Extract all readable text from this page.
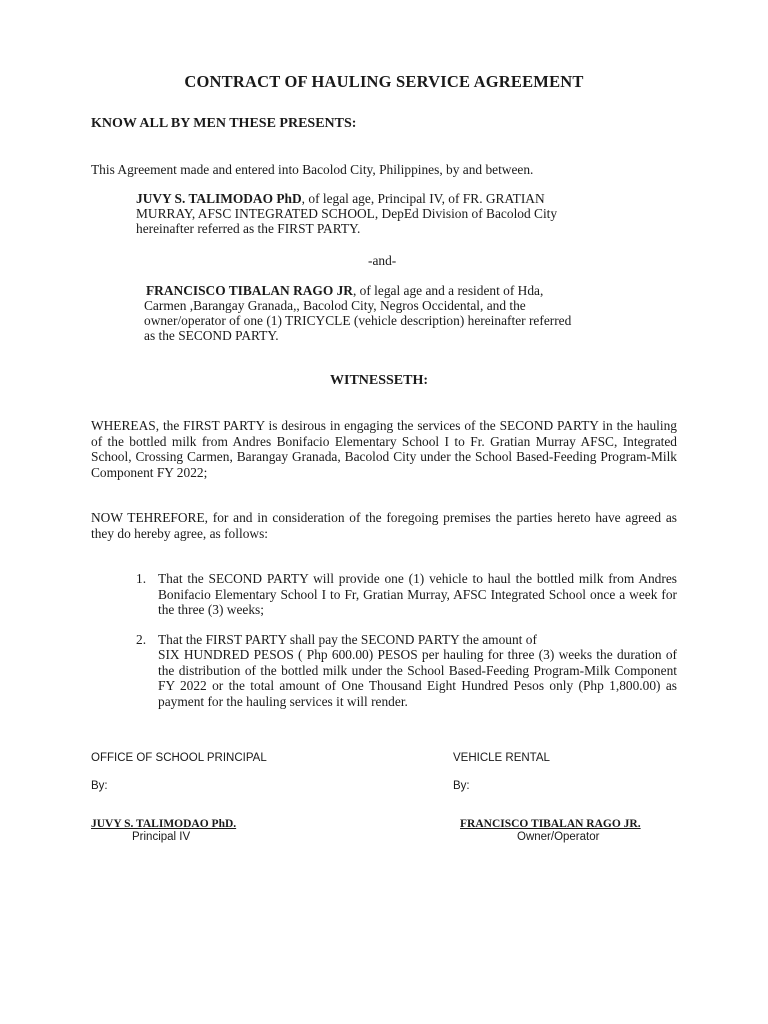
CONTRACT OF HAULING SERVICE AGREEMENT
KNOW ALL BY MEN THESE PRESENTS:
This Agreement made and entered into Bacolod City, Philippines, by and between.
JUVY S. TALIMODAO PhD, of legal age, Principal IV, of FR. GRATIAN
MURRAY, AFSC INTEGRATED SCHOOL, DepEd Division of Bacolod City
hereinafter referred as the FIRST PARTY.
-and-
FRANCISCO TIBALAN RAGO JR, of legal age and a resident of Hda,
Carmen ,Barangay Granada,, Bacolod City, Negros Occidental, and the
owner/operator of one (1) TRICYCLE (vehicle description) hereinafter referred
as the SECOND PARTY.
WITNESSETH:
WHEREAS, the FIRST PARTY is desirous in engaging the services of the SECOND PARTY in the hauling of the bottled milk from Andres Bonifacio Elementary School I to Fr. Gratian Murray AFSC, Integrated School, Crossing Carmen, Barangay Granada, Bacolod City under the School Based-Feeding Program-Milk Component FY 2022;
NOW TEHREFORE, for and in consideration of the foregoing premises the parties hereto have agreed as they do hereby agree, as follows:
1. That the SECOND PARTY will provide one (1) vehicle to haul the bottled milk from Andres Bonifacio Elementary School I to Fr, Gratian Murray, AFSC Integrated School once a week for the three (3) weeks;
2. That the FIRST PARTY shall pay the SECOND PARTY the amount of
SIX HUNDRED PESOS ( Php 600.00) PESOS per hauling for three (3) weeks the duration of the distribution of the bottled milk under the School Based-Feeding Program-Milk Component FY 2022 or the total amount of One Thousand Eight Hundred Pesos only (Php 1,800.00) as payment for the hauling services it will render.
OFFICE OF SCHOOL PRINCIPAL
By:
JUVY S. TALIMODAO PhD.
Principal IV
VEHICLE RENTAL
By:
FRANCISCO TIBALAN RAGO JR.
Owner/Operator
